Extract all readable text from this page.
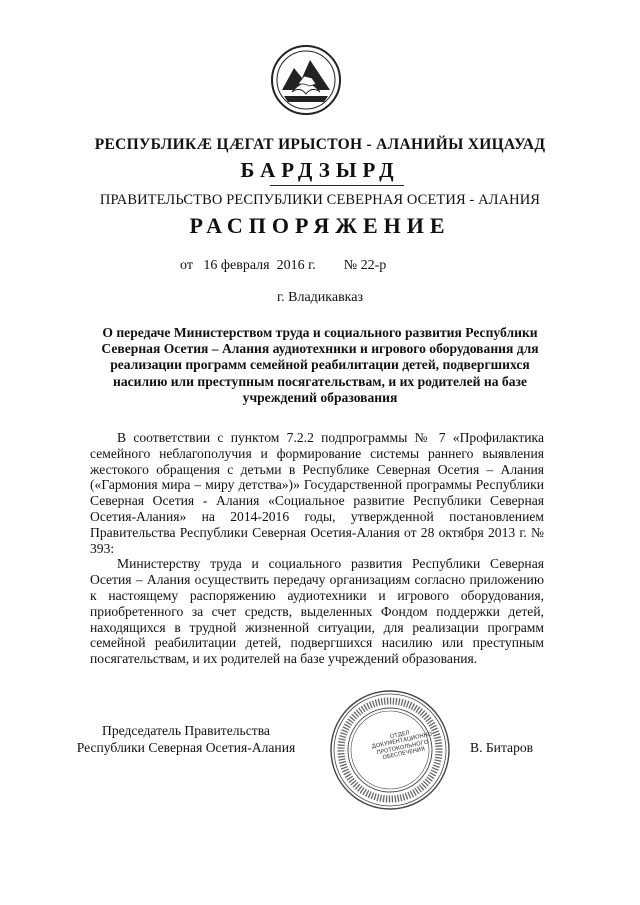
РЕСПУБЛИКӔ ЦӔГАТ ИРЫСТОН - АЛАНИЙЫ ХИЦАУАД
БАРДЗЫРД
ПРАВИТЕЛЬСТВО РЕСПУБЛИКИ СЕВЕРНАЯ ОСЕТИЯ - АЛАНИЯ
РАСПОРЯЖЕНИЕ
от   16 февраля  2016 г.        № 22-р
г. Владикавказ
О передаче Министерством труда и социального развития Республики Северная Осетия – Алания аудиотехники и игрового оборудования для реализации программ семейной реабилитации детей, подвергшихся насилию или преступным посягательствам, и их родителей на базе учреждений образования

В соответствии с пунктом 7.2.2 подпрограммы № 7 «Профилактика семейного неблагополучия и формирование системы раннего выявления жестокого обращения с детьми в Республике Северная Осетия – Алания («Гармония мира – миру детства»)» Государственной программы Республики Северная Осетия - Алания «Социальное развитие Республики Северная Осетия-Алания» на 2014-2016 годы, утвержденной постановлением Правительства Республики Северная Осетия-Алания от 28 октября 2013 г. № 393:

Министерству труда и социального развития Республики Северная Осетия – Алания осуществить передачу организациям согласно приложению к настоящему распоряжению аудиотехники и игрового оборудования, приобретенного за счет средств, выделенных Фондом поддержки детей, находящихся в трудной жизненной ситуации, для реализации программ семейной реабилитации детей, подвергшихся насилию или преступным посягательствам, и их родителей на базе учреждений образования.

Председатель Правительства
Республики Северная Осетия-Алания
ОТДЕЛ ДОКУМЕНТАЦИОННО-ПРОТОКОЛЬНОГО ОБЕСПЕЧЕНИЯ	В. Битаров
